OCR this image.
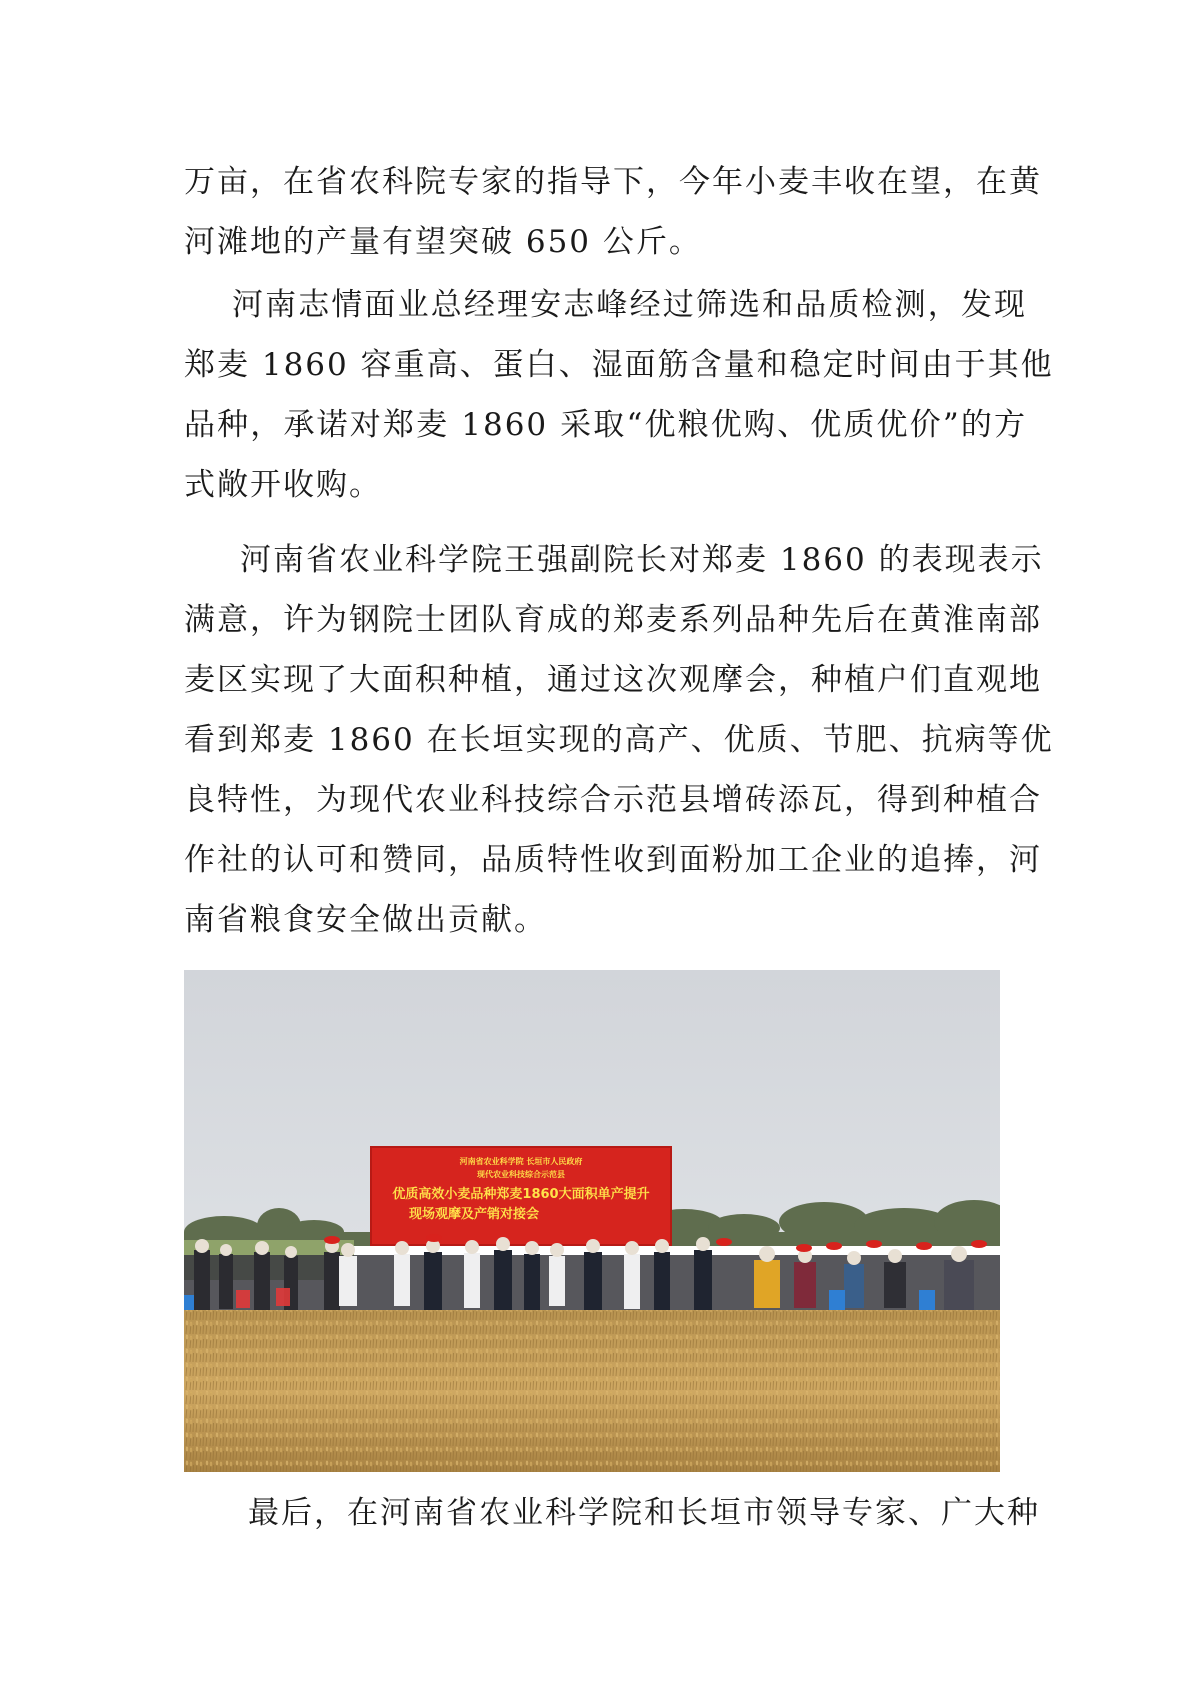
万亩，在省农科院专家的指导下，今年小麦丰收在望，在黄
河滩地的产量有望突破 650 公斤。

河南志情面业总经理安志峰经过筛选和品质检测，发现
郑麦 1860 容重高、蛋白、湿面筋含量和稳定时间由于其他
品种，承诺对郑麦 1860 采取“优粮优购、优质优价”的方
式敞开收购。

河南省农业科学院王强副院长对郑麦 1860 的表现表示
满意，许为钢院士团队育成的郑麦系列品种先后在黄淮南部
麦区实现了大面积种植，通过这次观摩会，种植户们直观地
看到郑麦 1860 在长垣实现的高产、优质、节肥、抗病等优
良特性，为现代农业科技综合示范县增砖添瓦，得到种植合
作社的认可和赞同，品质特性收到面粉加工企业的追捧，河
南省粮食安全做出贡献。

河南省农业科学院 长垣市人民政府
现代农业科技综合示范县
优质高效小麦品种郑麦1860大面积单产提升
现场观摩及产销对接会

最后，在河南省农业科学院和长垣市领导专家、广大种
